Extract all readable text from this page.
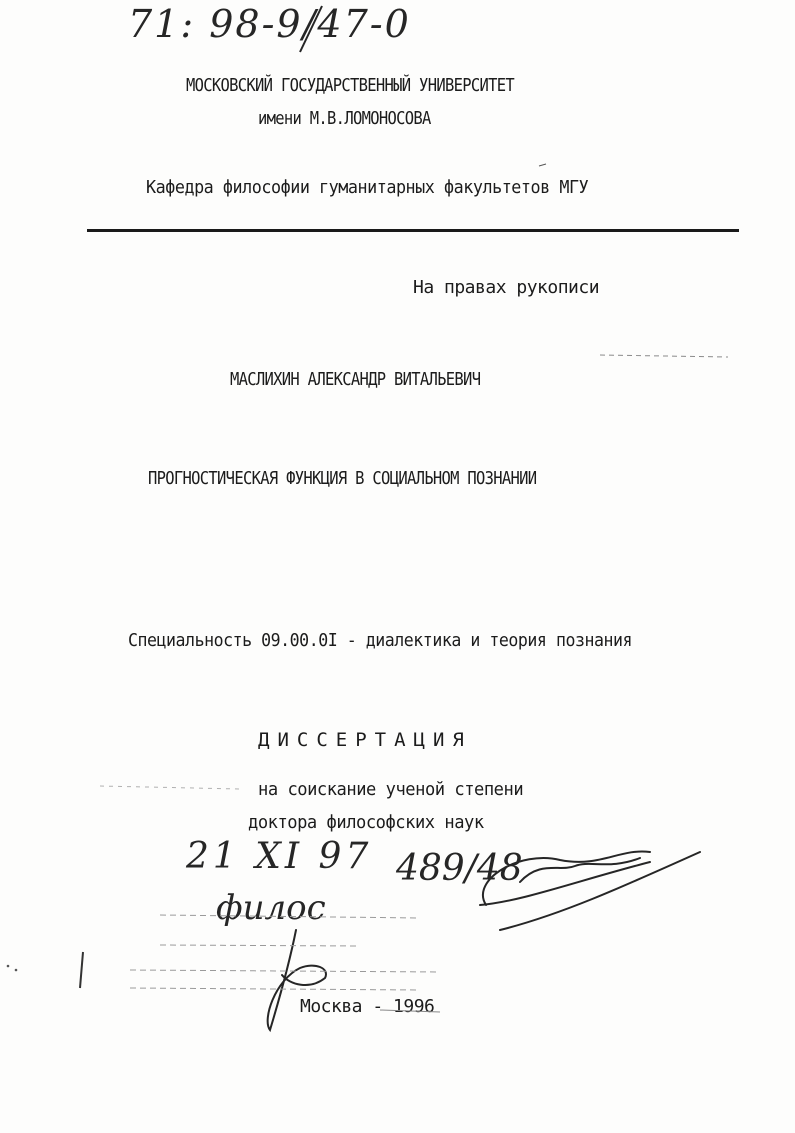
71: 98-9/47-0
МОСКОВСКИЙ ГОСУДАРСТВЕННЫЙ УНИВЕРСИТЕТ
имени М.В.ЛОМОНОСОВА
Кафедра философии гуманитарных факультетов МГУ
На правах рукописи
МАСЛИХИН АЛЕКСАНДР ВИТАЛЬЕВИЧ
ПРОГНОСТИЧЕСКАЯ ФУНКЦИЯ В СОЦИАЛЬНОМ ПОЗНАНИИ
Специальность 09.00.0I - диалектика и теория познания
ДИССЕРТАЦИЯ
на соискание ученой степени
доктора философских наук
21 XI 97 489/48
филос
Москва - 1996
